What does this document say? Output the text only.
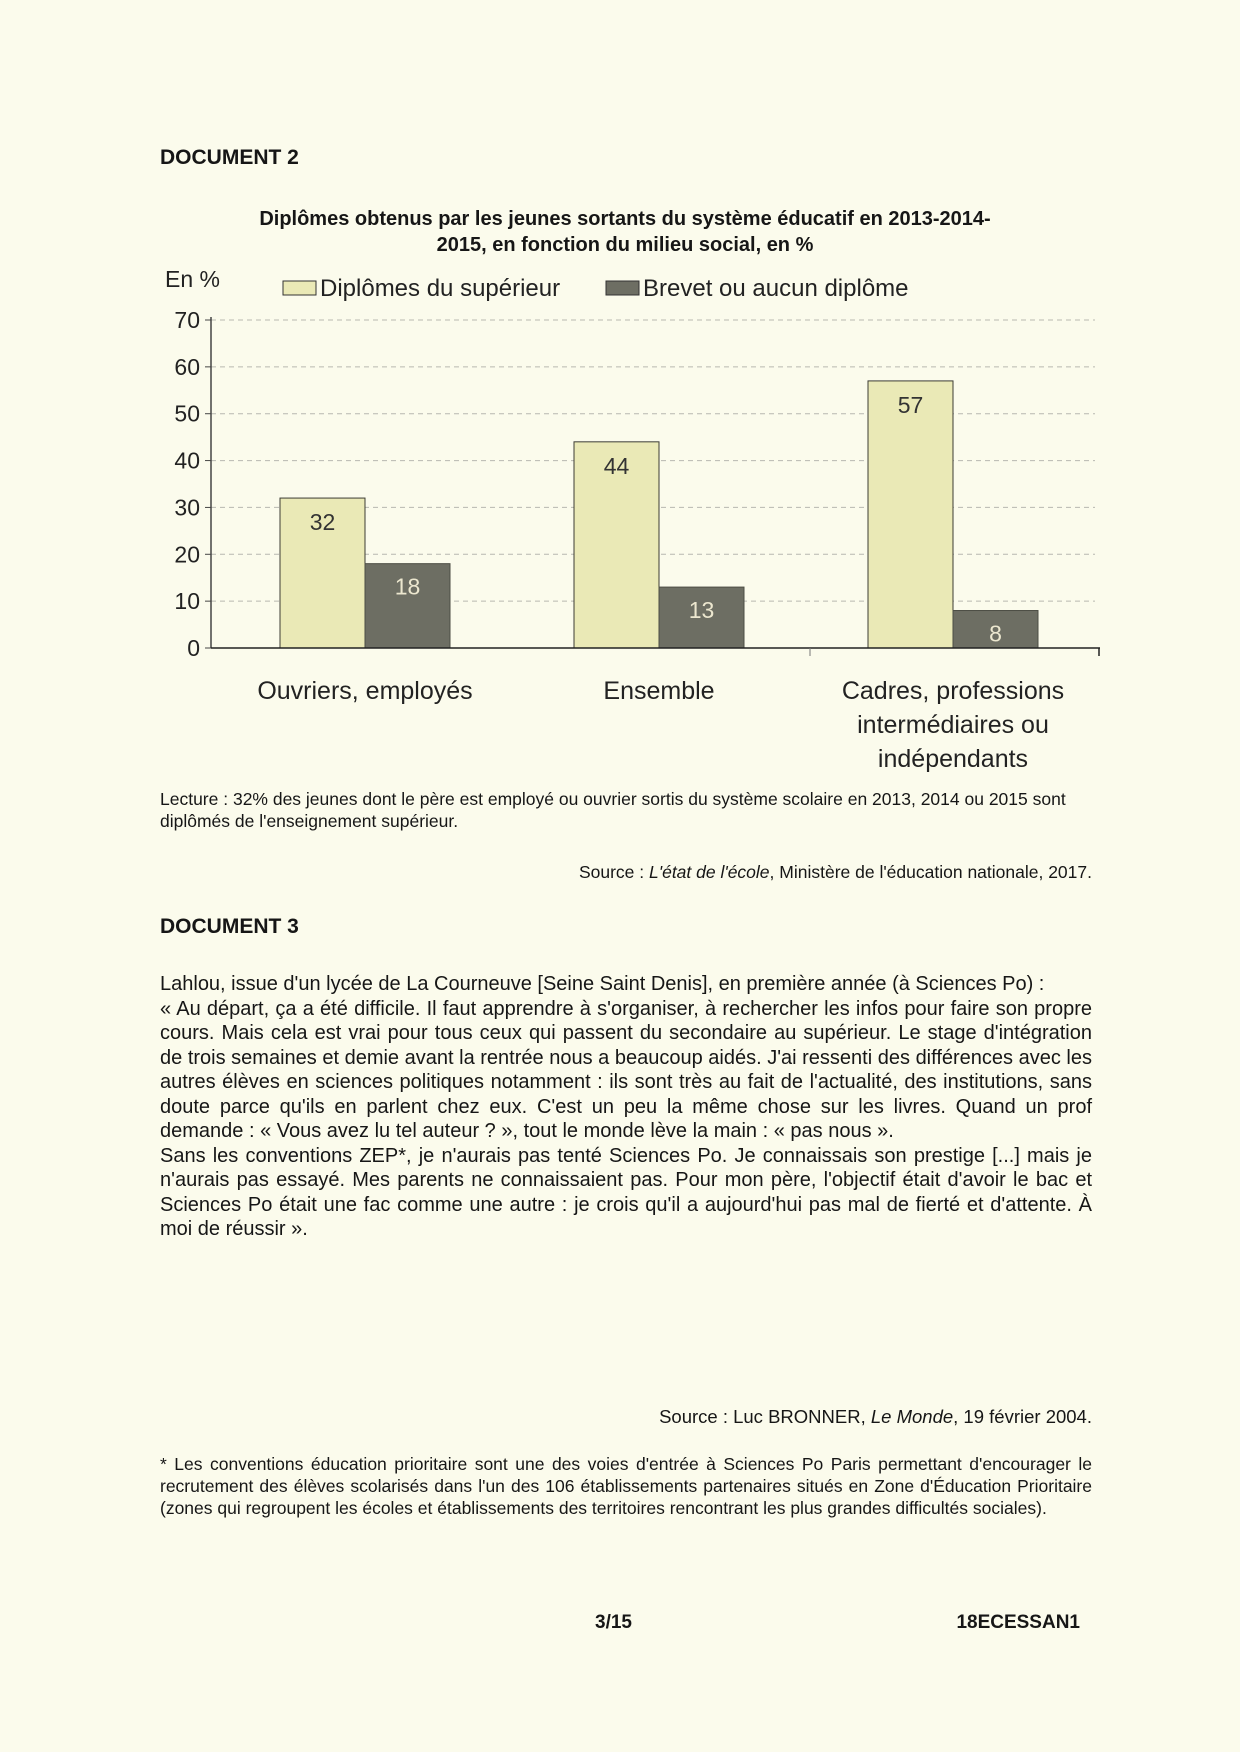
DOCUMENT 2
Diplômes obtenus par les jeunes sortants du système éducatif en 2013-2014-
2015, en fonction du milieu social, en %
0
10
20
30
40
50
60
70
32
18
44
13
57
8
En %
Ouvriers, employés	Ensemble	Cadres, professions
intermédiaires ou
indépendants
Diplômes du supérieur	Brevet ou aucun diplôme
Lecture : 32% des jeunes dont le père est employé ou ouvrier sortis du système scolaire en 2013, 2014 ou 2015 sont diplômés de l'enseignement supérieur.
Source : L'état de l'école, Ministère de l'éducation nationale, 2017.
DOCUMENT 3

Lahlou, issue d'un lycée de La Courneuve [Seine Saint Denis], en première année (à Sciences Po) :

« Au départ, ça a été difficile. Il faut apprendre à s'organiser, à rechercher les infos pour faire son propre cours. Mais cela est vrai pour tous ceux qui passent du secondaire au supérieur. Le stage d'intégration de trois semaines et demie avant la rentrée nous a beaucoup aidés. J'ai ressenti des différences avec les autres élèves en sciences politiques notamment : ils sont très au fait de l'actualité, des institutions, sans doute parce qu'ils en parlent chez eux. C'est un peu la même chose sur les livres. Quand un prof demande : « Vous avez lu tel auteur ? », tout le monde lève la main : « pas nous ».

Sans les conventions ZEP*, je n'aurais pas tenté Sciences Po. Je connaissais son prestige [...] mais je n'aurais pas essayé. Mes parents ne connaissaient pas. Pour mon père, l'objectif était d'avoir le bac et Sciences Po était une fac comme une autre : je crois qu'il a aujourd'hui pas mal de fierté et d'attente. À moi de réussir ».

Source : Luc BRONNER, Le Monde, 19 février 2004.
* Les conventions éducation prioritaire sont une des voies d'entrée à Sciences Po Paris permettant d'encourager le recrutement des élèves scolarisés dans l'un des 106 établissements partenaires situés en Zone d'Éducation Prioritaire (zones qui regroupent les écoles et établissements des territoires rencontrant les plus grandes difficultés sociales).
3/15	18ECESSAN1
